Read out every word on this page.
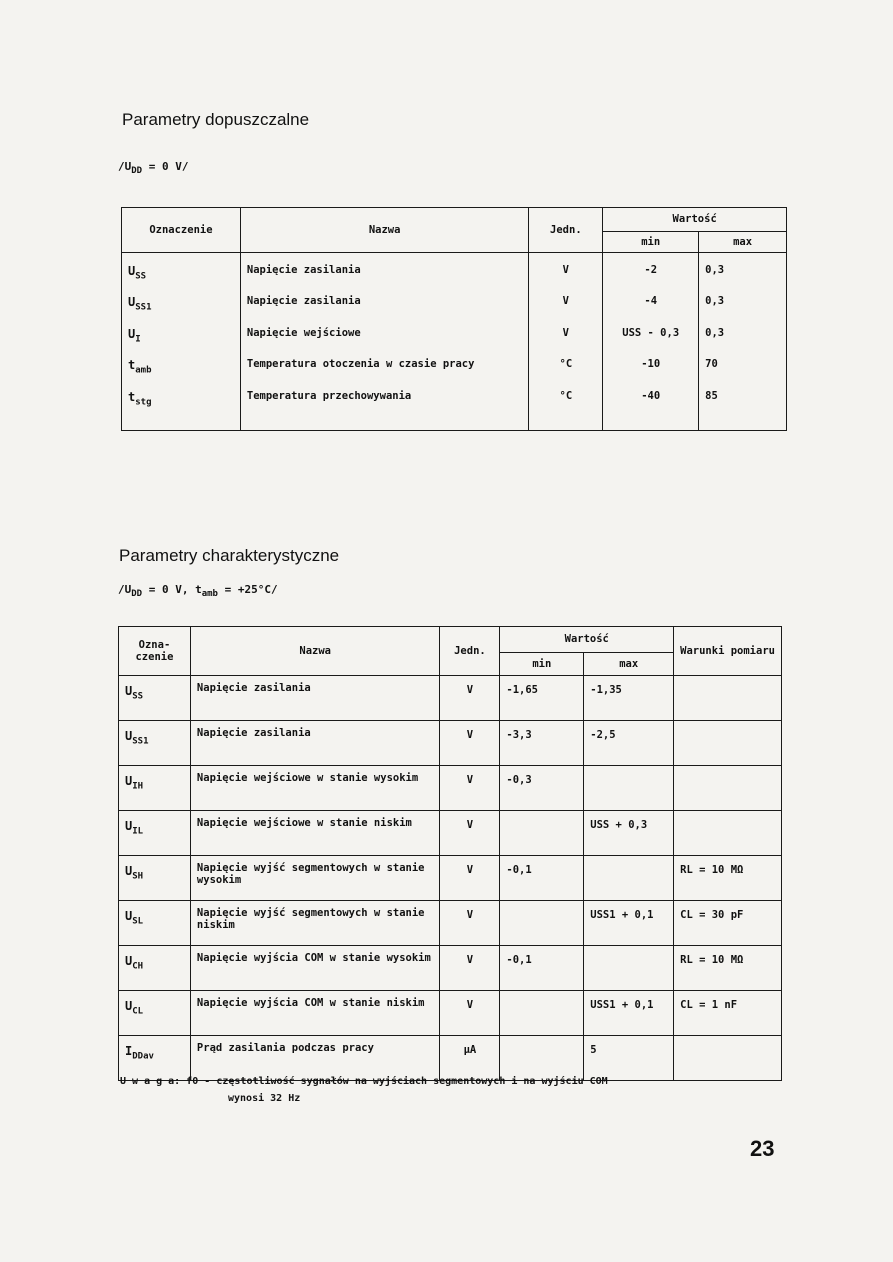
Parametry dopuszczalne
$/U_{DD} = 0$ V/
Oznaczenie	Nazwa	Jedn.	Wartość	
			min	max
$U_{SS}$	Napięcie zasilania	V	-2	0,3
$U_{SS1}$	Napięcie zasilania	V	-4	0,3
$U_I$	Napięcie wejściowe	V	USS - 0,3	0,3
$t_{amb}$	Temperatura otoczenia w czasie pracy	°C	-10	70
$t_{stg}$	Temperatura przechowywania	°C	-40	85
Parametry charakterystyczne
$/U_{DD} = 0$ V, $t_{amb} = +25^\circ C/$
Ozna-czenie	Nazwa	Jedn.	Wartość		Warunki pomiaru
			min	max	
$U_{SS}$	Napięcie zasilania	V	-1,65	-1,35	
$U_{SS1}$	Napięcie zasilania	V	-3,3	-2,5	
$U_{IH}$	Napięcie wejściowe w stanie wysokim	V	-0,3		
$U_{IL}$	Napięcie wejściowe w stanie niskim	V		USS + 0,3	
$U_{SH}$	Napięcie wyjść segmentowych w stanie wysokim	V	-0,1		RL = 10 MΩ
$U_{SL}$	Napięcie wyjść segmentowych w stanie niskim	V		USS1 + 0,1	CL = 30 pF
$U_{CH}$	Napięcie wyjścia COM w stanie wysokim	V	-0,1		RL = 10 MΩ
$U_{CL}$	Napięcie wyjścia COM w stanie niskim	V		USS1 + 0,1	CL = 1 nF
$I_{DDav}$	Prąd zasilania podczas pracy	µA		5	
U w a g a: f0 - częstotliwość sygnałów na wyjściach segmentowych i na wyjściu COM
wynosi 32 Hz
23
